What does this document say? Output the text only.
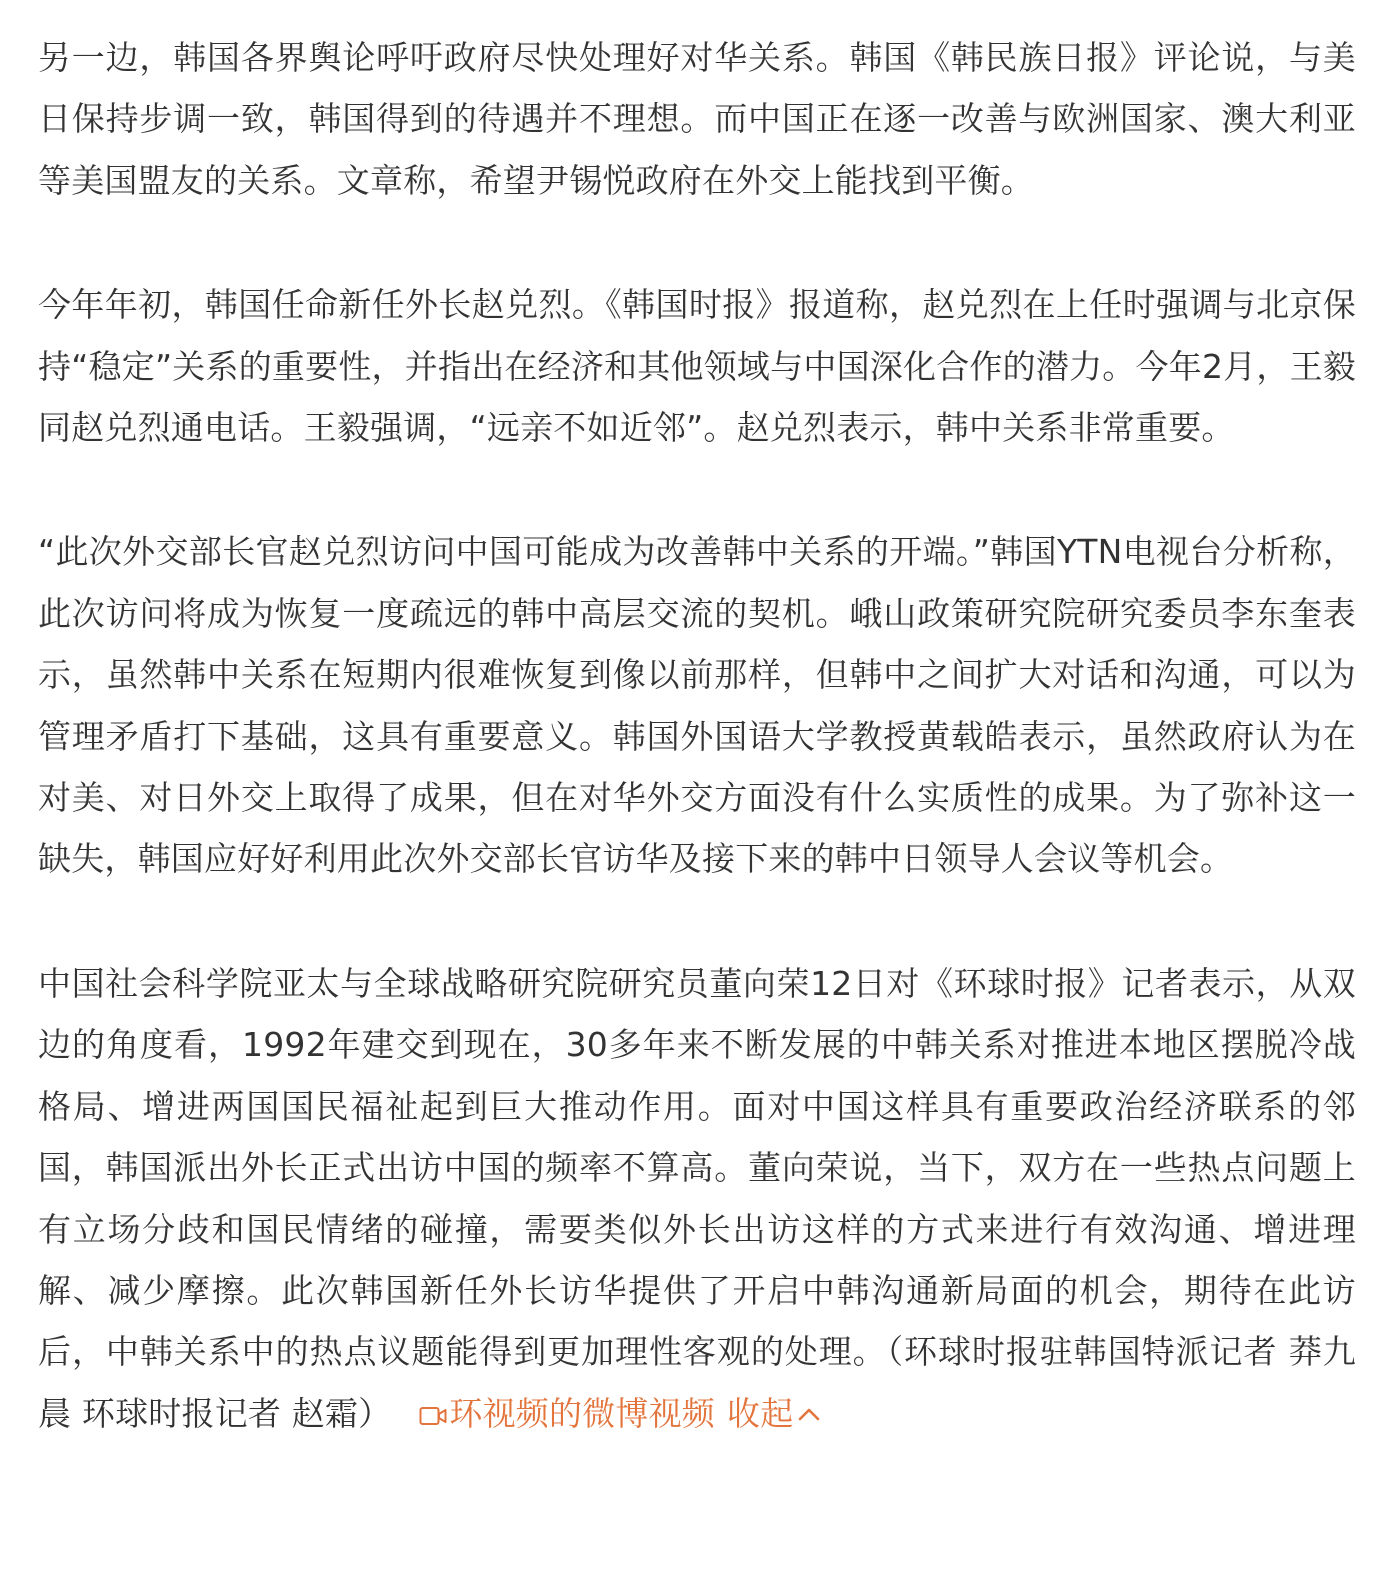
另一边，韩国各界舆论呼吁政府尽快处理好对华关系。韩国《韩民族日报》评论说，与美日保持步调一致，韩国得到的待遇并不理想。而中国正在逐一改善与欧洲国家、澳大利亚等美国盟友的关系。文章称，希望尹锡悦政府在外交上能找到平衡。

今年年初，韩国任命新任外长赵兑烈。《韩国时报》报道称，赵兑烈在上任时强调与北京保持“稳定”关系的重要性，并指出在经济和其他领域与中国深化合作的潜力。今年2月，王毅同赵兑烈通电话。王毅强调，“远亲不如近邻”。赵兑烈表示，韩中关系非常重要。

“此次外交部长官赵兑烈访问中国可能成为改善韩中关系的开端。”韩国YTN电视台分析称，此次访问将成为恢复一度疏远的韩中高层交流的契机。峨山政策研究院研究委员李东奎表示，虽然韩中关系在短期内很难恢复到像以前那样，但韩中之间扩大对话和沟通，可以为管理矛盾打下基础，这具有重要意义。韩国外国语大学教授黄载皓表示，虽然政府认为在对美、对日外交上取得了成果，但在对华外交方面没有什么实质性的成果。为了弥补这一缺失，韩国应好好利用此次外交部长官访华及接下来的韩中日领导人会议等机会。

中国社会科学院亚太与全球战略研究院研究员董向荣12日对《环球时报》记者表示，从双边的角度看，1992年建交到现在，30多年来不断发展的中韩关系对推进本地区摆脱冷战格局、增进两国国民福祉起到巨大推动作用。面对中国这样具有重要政治经济联系的邻国，韩国派出外长正式出访中国的频率不算高。董向荣说，当下，双方在一些热点问题上有立场分歧和国民情绪的碰撞，需要类似外长出访这样的方式来进行有效沟通、增进理解、减少摩擦。此次韩国新任外长访华提供了开启中韩沟通新局面的机会，期待在此访后，中韩关系中的热点议题能得到更加理性客观的处理。（环球时报驻韩国特派记者 莽九晨 环球时报记者 赵霜） 环视频的微博视频 收起
